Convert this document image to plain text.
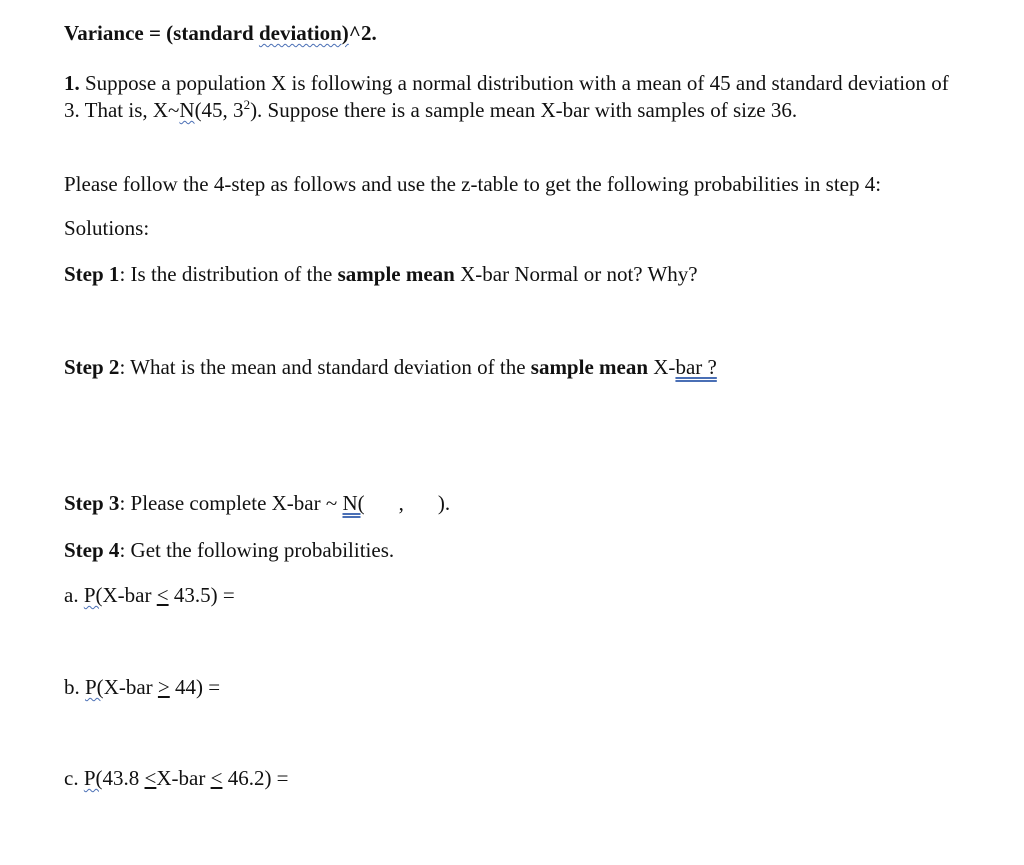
Variance = (standard deviation)^2.
1. Suppose a population X is following a normal distribution with a mean of 45 and standard deviation of 3. That is, X~N(45, $3^2$). Suppose there is a sample mean X-bar with samples of size 36.
Please follow the 4-step as follows and use the z-table to get the following probabilities in step 4:
Solutions:
Step 1: Is the distribution of the sample mean X-bar Normal or not? Why?
Step 2: What is the mean and standard deviation of the sample mean X-bar ?
Step 3: Please complete X-bar ~ N( , ).
Step 4: Get the following probabilities.
a. P(X-bar < 43.5) =
b. P(X-bar > 44) =
c. P(43.8 <X-bar < 46.2) =
